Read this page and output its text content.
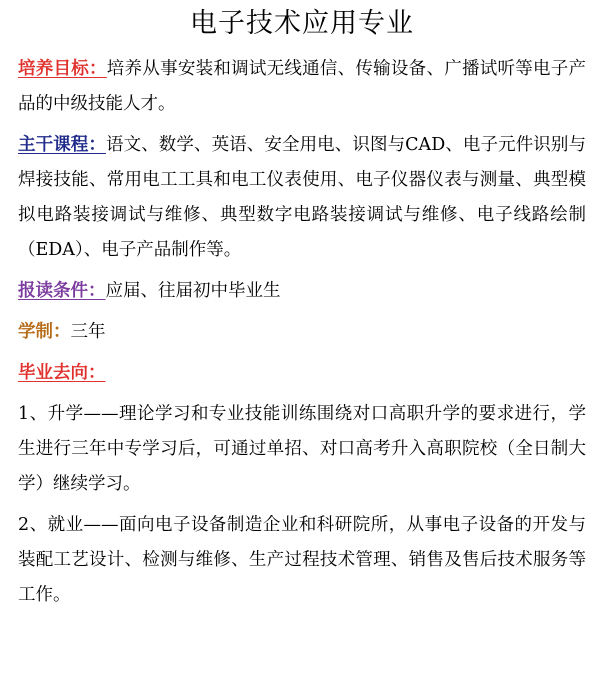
电子技术应用专业

培养目标：培养从事安装和调试无线通信、传输设备、广播试听等电子产品的中级技能人才。

主干课程：语文、数学、英语、安全用电、识图与CAD、电子元件识别与焊接技能、常用电工工具和电工仪表使用、电子仪器仪表与测量、典型模拟电路装接调试与维修、典型数字电路装接调试与维修、电子线路绘制（EDA）、电子产品制作等。

报读条件：应届、往届初中毕业生

学制：三年

毕业去向：

1、升学——理论学习和专业技能训练围绕对口高职升学的要求进行，学生进行三年中专学习后，可通过单招、对口高考升入高职院校（全日制大学）继续学习。

2、就业——面向电子设备制造企业和科研院所，从事电子设备的开发与装配工艺设计、检测与维修、生产过程技术管理、销售及售后技术服务等工作。
